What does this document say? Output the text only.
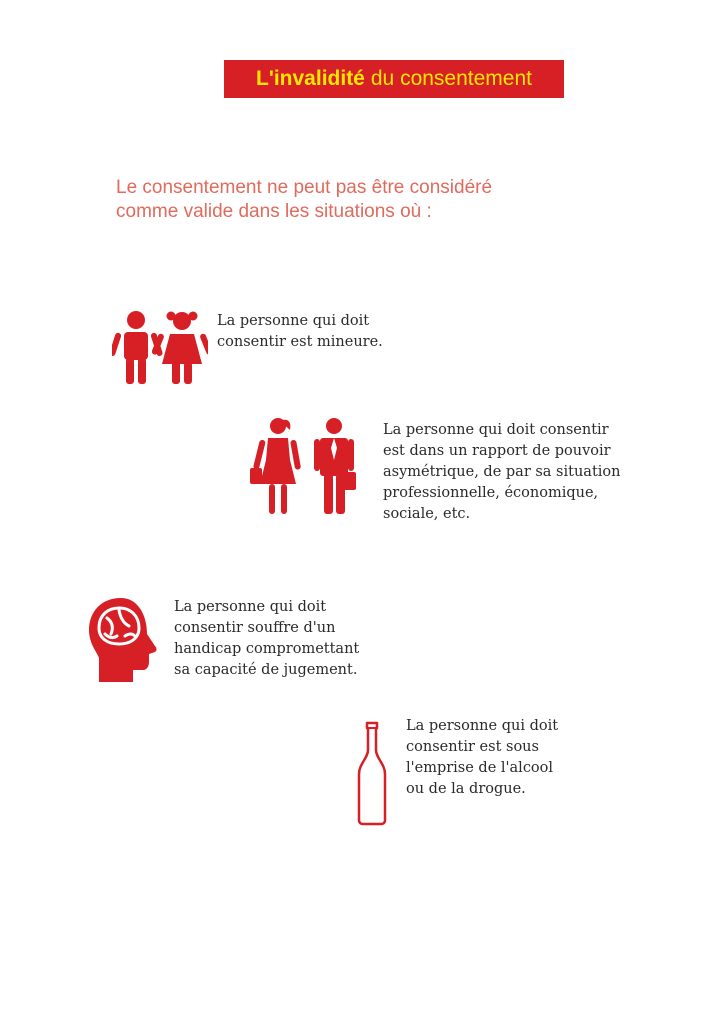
L'invalidité du consentement
Le consentement ne peut pas être considéré
comme valide dans les situations où :
La personne qui doit
consentir est mineure.
La personne qui doit consentir
est dans un rapport de pouvoir
asymétrique, de par sa situation
professionnelle, économique,
sociale, etc.
La personne qui doit
consentir souffre d'un
handicap compromettant
sa capacité de jugement.
La personne qui doit
consentir est sous
l'emprise de l'alcool
ou de la drogue.
